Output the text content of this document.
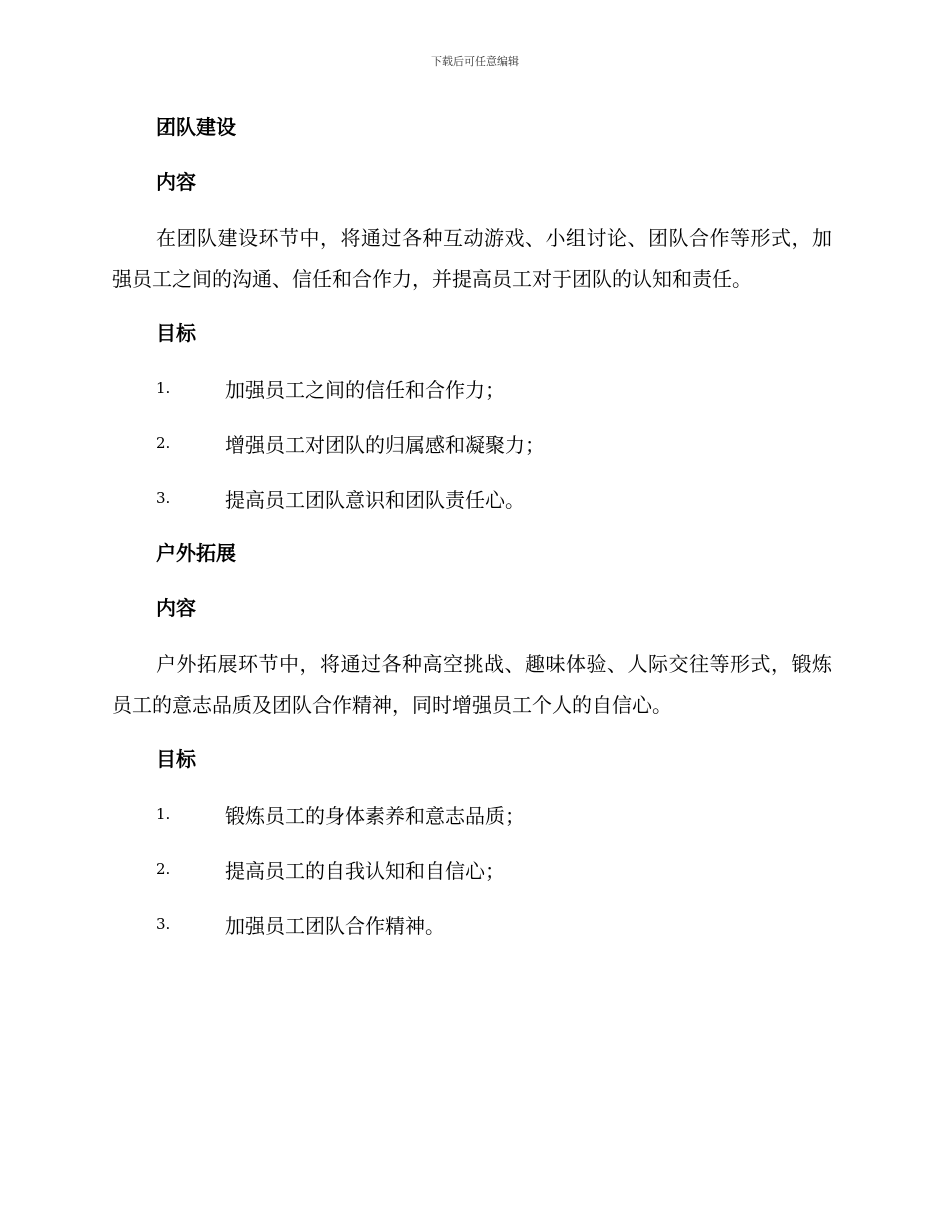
下载后可任意编辑
团队建设
内容

在团队建设环节中，将通过各种互动游戏、小组讨论、团队合作等形式，加强员工之间的沟通、信任和合作力，并提高员工对于团队的认知和责任。

目标
1.	加强员工之间的信任和合作力；
2.	增强员工对团队的归属感和凝聚力；
3.	提高员工团队意识和团队责任心。
户外拓展
内容

户外拓展环节中，将通过各种高空挑战、趣味体验、人际交往等形式，锻炼员工的意志品质及团队合作精神，同时增强员工个人的自信心。

目标
1.	锻炼员工的身体素养和意志品质；
2.	提高员工的自我认知和自信心；
3.	加强员工团队合作精神。
